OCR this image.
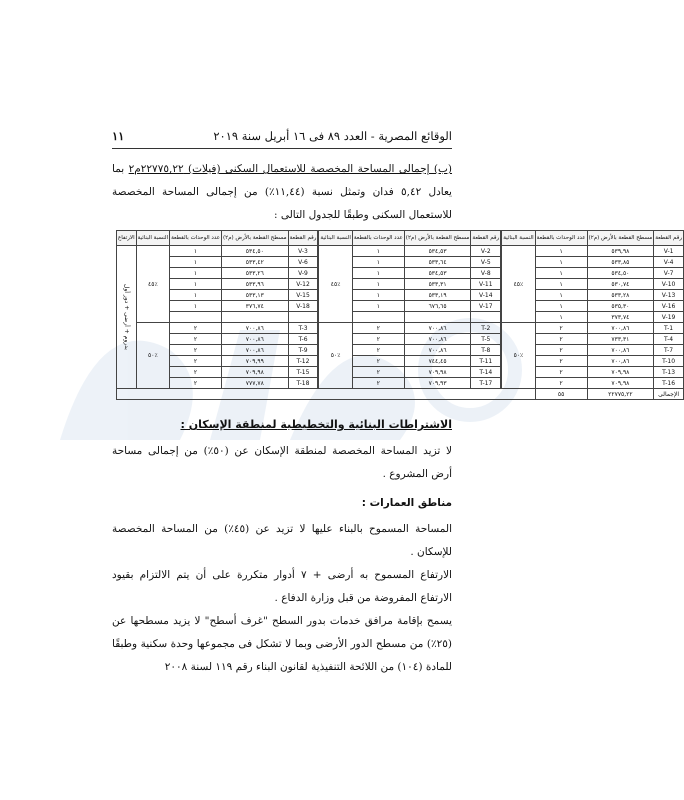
الوقائع المصرية - العدد ٨٩ فى ١٦ أبريل سنة ٢٠١٩
١١
(ب) إجمالى المساحة المخصصة للاستعمال السكنى (فيلات) ٢٢٧٧٥,٢٢م٢ بما يعادل ٥,٤٢ فدان وتمثل نسبة (١١,٤٤٪) من إجمالى المساحة المخصصة للاستعمال السكنى وطبقًا للجدول التالى :
رقم القطعة	مسطح القطعة بالأرض (م٢)	عدد الوحدات بالقطعة	النسبة البنائية		رقم القطعة	مسطح القطعة بالأرض (م٢)	عدد الوحدات بالقطعة	النسبة البنائية		رقم القطعة	مسطح القطعة بالأرض (م٢)	عدد الوحدات بالقطعة	النسبة البنائية	الارتفاع
V-1	٥٣٩,٩٨	١	٪٤٥		V-2	٥٣٤,٥٣	١	٪٤٥		V-3	٥٣٤,٥٠	١	٪٤٥	بدروم + أرضى + دور أول
V-4	٥٣٣,٨٥	١		V-5	٥٣٣,٦٤	١		V-6	٥٣٣,٤٢	١		
V-7	٥٣٤,٥٠	١		V-8	٥٣٤,٥٣	١		V-9	٥٣٣,٢٦	١		
V-10	٥٣٠,٧٤	١		V-11	٥٣٣,٣١	١		V-12	٥٣٣,٩٦	١		
V-13	٥٣٣,٢٨	١		V-14	٥٣٣,١٩	١		V-15	٥٣٣,١٣	١		
V-16	٥٣٥,٣٠	١		V-17	٦٧٦,٦٥	١		V-18	٣٧٦,٧٤	١		
V-19	٣٧٣,٧٤	١										
T-1	٧٠٠,٨٦	٢	٪٥٠		T-2	٧٠٠,٨٦	٢	٪٥٠		T-3	٧٠٠,٨٦	٢	٪٥٠	
T-4	٧٣٣,٣١	٢		T-5	٧٠٠,٨٦	٢		T-6	٧٠٠,٨٦	٢		
T-7	٧٠٠,٨٦	٢		T-8	٧٠٠,٨٦	٢		T-9	٧٠٠,٨٦	٢		
T-10	٧٠٠,٨٦	٢		T-11	٧٤٤,٤٥	٢		T-12	٧٠٩,٩٩	٢		
T-13	٧٠٩,٩٨	٢		T-14	٧٠٩,٩٨	٢		T-15	٧٠٩,٩٨	٢		
T-16	٧٠٩,٩٨	٢		T-17	٧٠٩,٩٣	٢		T-18	٧٧٧,٧٨	٢		
الإجمالى	٢٢٧٧٥,٢٢	٥٥										
الاشتراطات البنائية والتخطيطية لمنطقة الإسكان :
لا تزيد المساحة المخصصة لمنطقة الإسكان عن (٥٠٪) من إجمالى مساحة أرض المشروع .
مناطق العمارات :
المساحة المسموح بالبناء عليها لا تزيد عن (٤٥٪) من المساحة المخصصة للإسكان .
الارتفاع المسموح به أرضى + ٧ أدوار متكررة على أن يتم الالتزام بقيود الارتفاع المفروضة من قبل وزارة الدفاع .
يسمح بإقامة مرافق خدمات بدور السطح "غرف أسطح" لا يزيد مسطحها عن (٢٥٪) من مسطح الدور الأرضى وبما لا تشكل فى مجموعها وحدة سكنية وطبقًا للمادة (١٠٤) من اللائحة التنفيذية لقانون البناء رقم ١١٩ لسنة ٢٠٠٨
